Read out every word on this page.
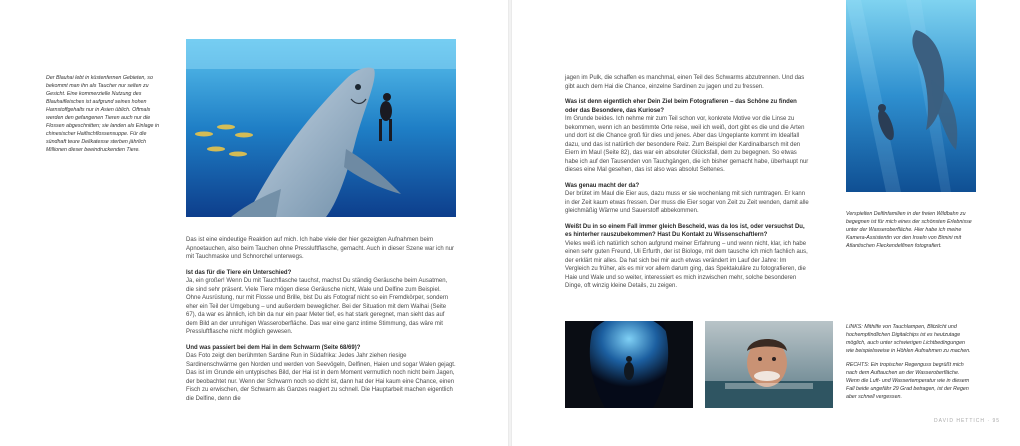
Der Blauhai lebt in küstenfernen Gebieten, so bekommt man ihn als Taucher nur selten zu Gesicht. Eine kommerzielle Nutzung des Blauhaifleisches ist aufgrund seines hohen Harnstoffgehalts nur in Asien üblich. Oftmals werden den gefangenen Tieren auch nur die Flossen abgeschnitten; sie landen als Einlage in chinesischer Haifischflossensuppe. Für die sündhaft teure Delikatesse sterben jährlich Millionen dieser beeindruckenden Tiere.

Das ist eine eindeutige Reaktion auf mich. Ich habe viele der hier gezeigten Aufnahmen beim Apnoetauchen, also beim Tauchen ohne Pressluftflasche, gemacht. Auch in dieser Szene war ich nur mit Tauchmaske und Schnorchel unterwegs.

Ist das für die Tiere ein Unterschied?

Ja, ein großer! Wenn Du mit Tauchflasche tauchst, machst Du ständig Geräusche beim Ausatmen, die sind sehr präsent. Viele Tiere mögen diese Geräusche nicht, Wale und Delfine zum Beispiel. Ohne Ausrüstung, nur mit Flosse und Brille, bist Du als Fotograf nicht so ein Fremdkörper, sondern eher ein Teil der Umgebung – und außerdem beweglicher. Bei der Situation mit dem Walhai (Seite 67), da war es ähnlich, ich bin da nur ein paar Meter tief, es hat stark geregnet, man sieht das auf dem Bild an der unruhigen Wasseroberfläche. Das war eine ganz intime Stimmung, das wäre mit Pressluftflasche nicht möglich gewesen.

Und was passiert bei dem Hai in dem Schwarm (Seite 68/69)?

Das Foto zeigt den berühmten Sardine Run in Südafrika: Jedes Jahr ziehen riesige Sardinenschwärme gen Norden und werden von Seevögeln, Delfinen, Haien und sogar Walen gejagt. Das ist im Grunde ein untypisches Bild, der Hai ist in dem Moment vermutlich noch nicht beim Jagen, der beobachtet nur. Wenn der Schwarm noch so dicht ist, dann hat der Hai kaum eine Chance, einen Fisch zu erwischen, der Schwarm als Ganzes reagiert zu schnell. Die Hauptarbeit machen eigentlich die Delfine, denn die

jagen im Pulk, die schaffen es manchmal, einen Teil des Schwarms abzutrennen. Und das gibt auch dem Hai die Chance, einzelne Sardinen zu jagen und zu fressen.

Was ist denn eigentlich eher Dein Ziel beim Fotografieren – das Schöne zu finden oder das Besondere, das Kuriose?

Im Grunde beides. Ich nehme mir zum Teil schon vor, konkrete Motive vor die Linse zu bekommen, wenn ich an bestimmte Orte reise, weil ich weiß, dort gibt es die und die Arten und dort ist die Chance groß für dies und jenes. Aber das Ungeplante kommt im Idealfall dazu, und das ist natürlich der besondere Reiz. Zum Beispiel der Kardinalbarsch mit den Eiern im Maul (Seite 82), das war ein absoluter Glücksfall, dem zu begegnen. So etwas habe ich auf den Tausenden von Tauchgängen, die ich bisher gemacht habe, überhaupt nur dieses eine Mal gesehen, das ist also was absolut Seltenes.

Was genau macht der da?

Der brütet im Maul die Eier aus, dazu muss er sie wochenlang mit sich rumtragen. Er kann in der Zeit kaum etwas fressen. Der muss die Eier sogar von Zeit zu Zeit wenden, damit alle gleichmäßig Wärme und Sauerstoff abbekommen.

Weißt Du in so einem Fall immer gleich Bescheid, was da los ist, oder versuchst Du, es hinterher rauszubekommen? Hast Du Kontakt zu Wissenschaftlern?

Vieles weiß ich natürlich schon aufgrund meiner Erfahrung – und wenn nicht, klar, ich habe einen sehr guten Freund, Uli Erfurth, der ist Biologe, mit dem tausche ich mich fachlich aus, der erklärt mir alles. Da hat sich bei mir auch etwas verändert im Lauf der Jahre: Im Vergleich zu früher, als es mir vor allem darum ging, das Spektakuläre zu fotografieren, die Haie und Wale und so weiter, interessiert es mich inzwischen mehr, solche besonderen Dinge, oft winzig kleine Details, zu zeigen.

Verspielten Delfinfamilien in der freien Wildbahn zu begegnen ist für mich eines der schönsten Erlebnisse unter der Wasseroberfläche. Hier habe ich meine Kamera-Assistentin vor den Inseln von Bimini mit Atlantischen Fleckendelfinen fotografiert.
LINKS: Mithilfe von Tauchlampen, Blitzlicht und hochempfindlichen Digitalchips ist es heutzutage möglich, auch unter schwierigen Lichtbedingungen wie beispielsweise in Höhlen Aufnahmen zu machen.
RECHTS: Ein tropischer Regenguss begrüßt mich nach dem Auftauchen an der Wasseroberfläche. Wenn die Luft- und Wassertemperatur wie in diesem Fall beide ungefähr 29 Grad betragen, ist der Regen aber schnell vergessen.
DAVID HETTICH · 95
